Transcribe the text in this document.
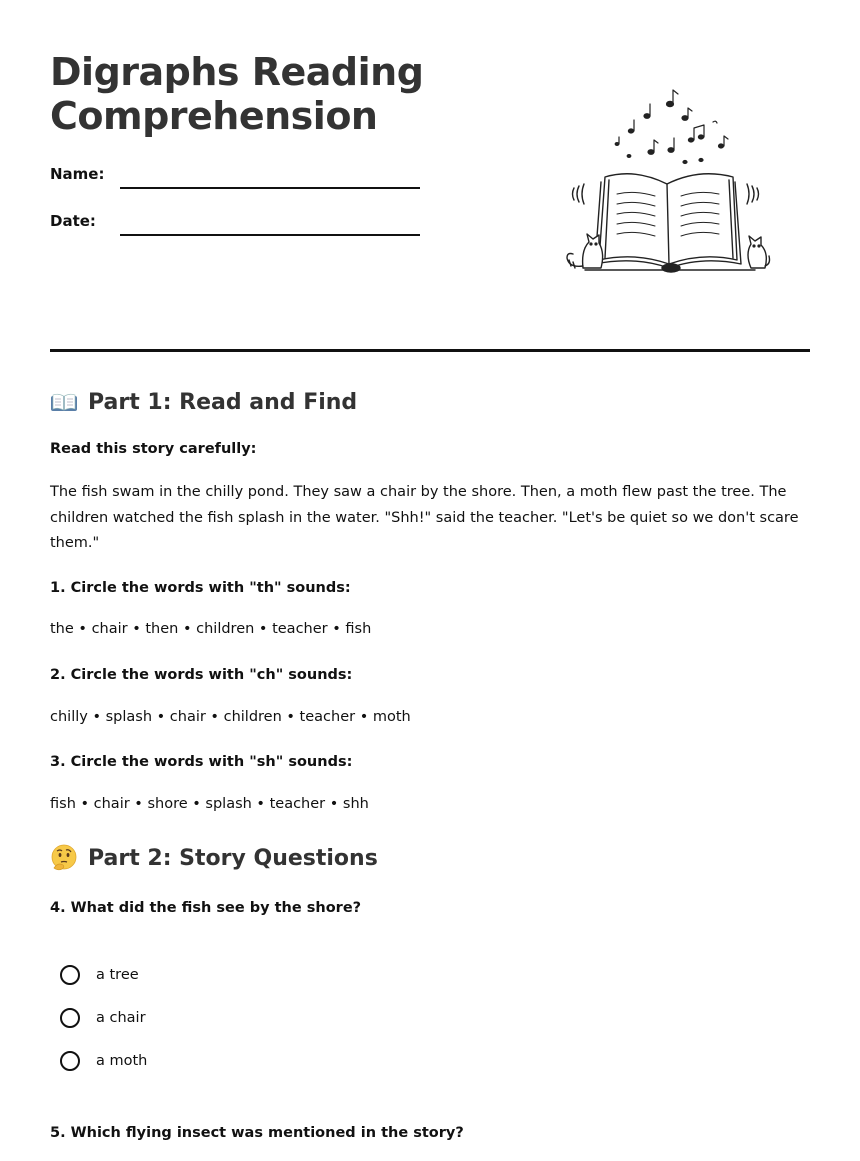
Digraphs Reading
Comprehension
Name:
Date:
Part 1: Read and Find
Read this story carefully:
The fish swam in the chilly pond. They saw a chair by the shore. Then, a moth flew past the tree. The children watched the fish splash in the water. "Shh!" said the teacher. "Let's be quiet so we don't scare them."
1. Circle the words with "th" sounds:
the • chair • then • children • teacher • fish
2. Circle the words with "ch" sounds:
chilly • splash • chair • children • teacher • moth
3. Circle the words with "sh" sounds:
fish • chair • shore • splash • teacher • shh
Part 2: Story Questions
4. What did the fish see by the shore?
a tree
a chair
a moth
5. Which flying insect was mentioned in the story?
